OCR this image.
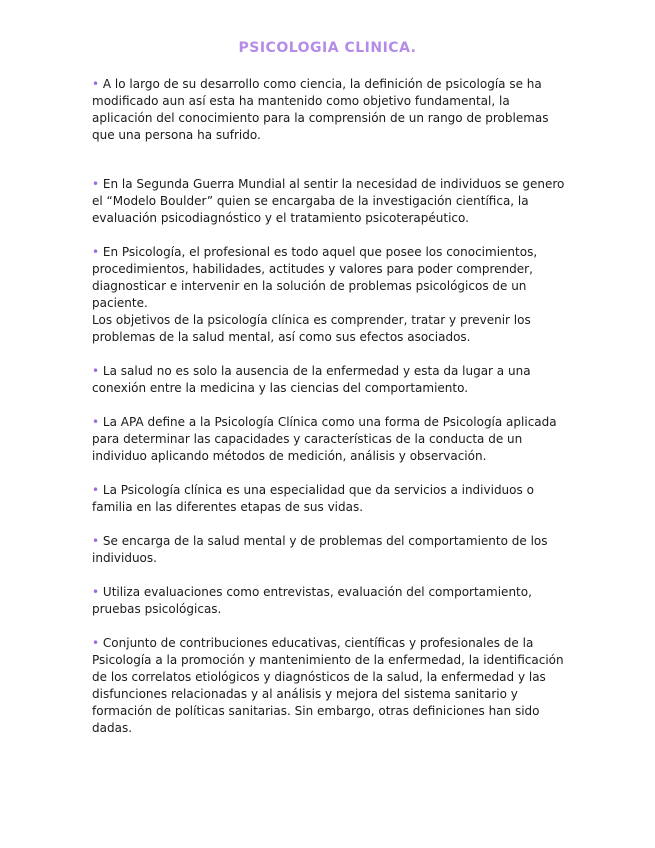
PSICOLOGIA CLINICA.

• A lo largo de su desarrollo como ciencia, la definición de psicología se ha modificado aun así esta ha mantenido como objetivo fundamental, la aplicación del conocimiento para la comprensión de un rango de problemas que una persona ha sufrido.

• En la Segunda Guerra Mundial al sentir la necesidad de individuos se genero el “Modelo Boulder” quien se encargaba de la investigación científica, la evaluación psicodiagnóstico y el tratamiento psicoterapéutico.

• En Psicología, el profesional es todo aquel que posee los conocimientos, procedimientos, habilidades, actitudes y valores para poder comprender, diagnosticar e intervenir en la solución de problemas psicológicos de un paciente.
Los objetivos de la psicología clínica es comprender, tratar y prevenir los problemas de la salud mental, así como sus efectos asociados.

• La salud no es solo la ausencia de la enfermedad y esta da lugar a una conexión entre la medicina y las ciencias del comportamiento.

• La APA define a la Psicología Clínica como una forma de Psicología aplicada para determinar las capacidades y características de la conducta de un individuo aplicando métodos de medición, análisis y observación.

• La Psicología clínica es una especialidad que da servicios a individuos o familia en las diferentes etapas de sus vidas.

• Se encarga de la salud mental y de problemas del comportamiento de los individuos.

• Utiliza evaluaciones como entrevistas, evaluación del comportamiento, pruebas psicológicas.

• Conjunto de contribuciones educativas, científicas y profesionales de la Psicología a la promoción y mantenimiento de la enfermedad, la identificación de los correlatos etiológicos y diagnósticos de la salud, la enfermedad y las disfunciones relacionadas y al análisis y mejora del sistema sanitario y formación de políticas sanitarias. Sin embargo, otras definiciones han sido dadas.
